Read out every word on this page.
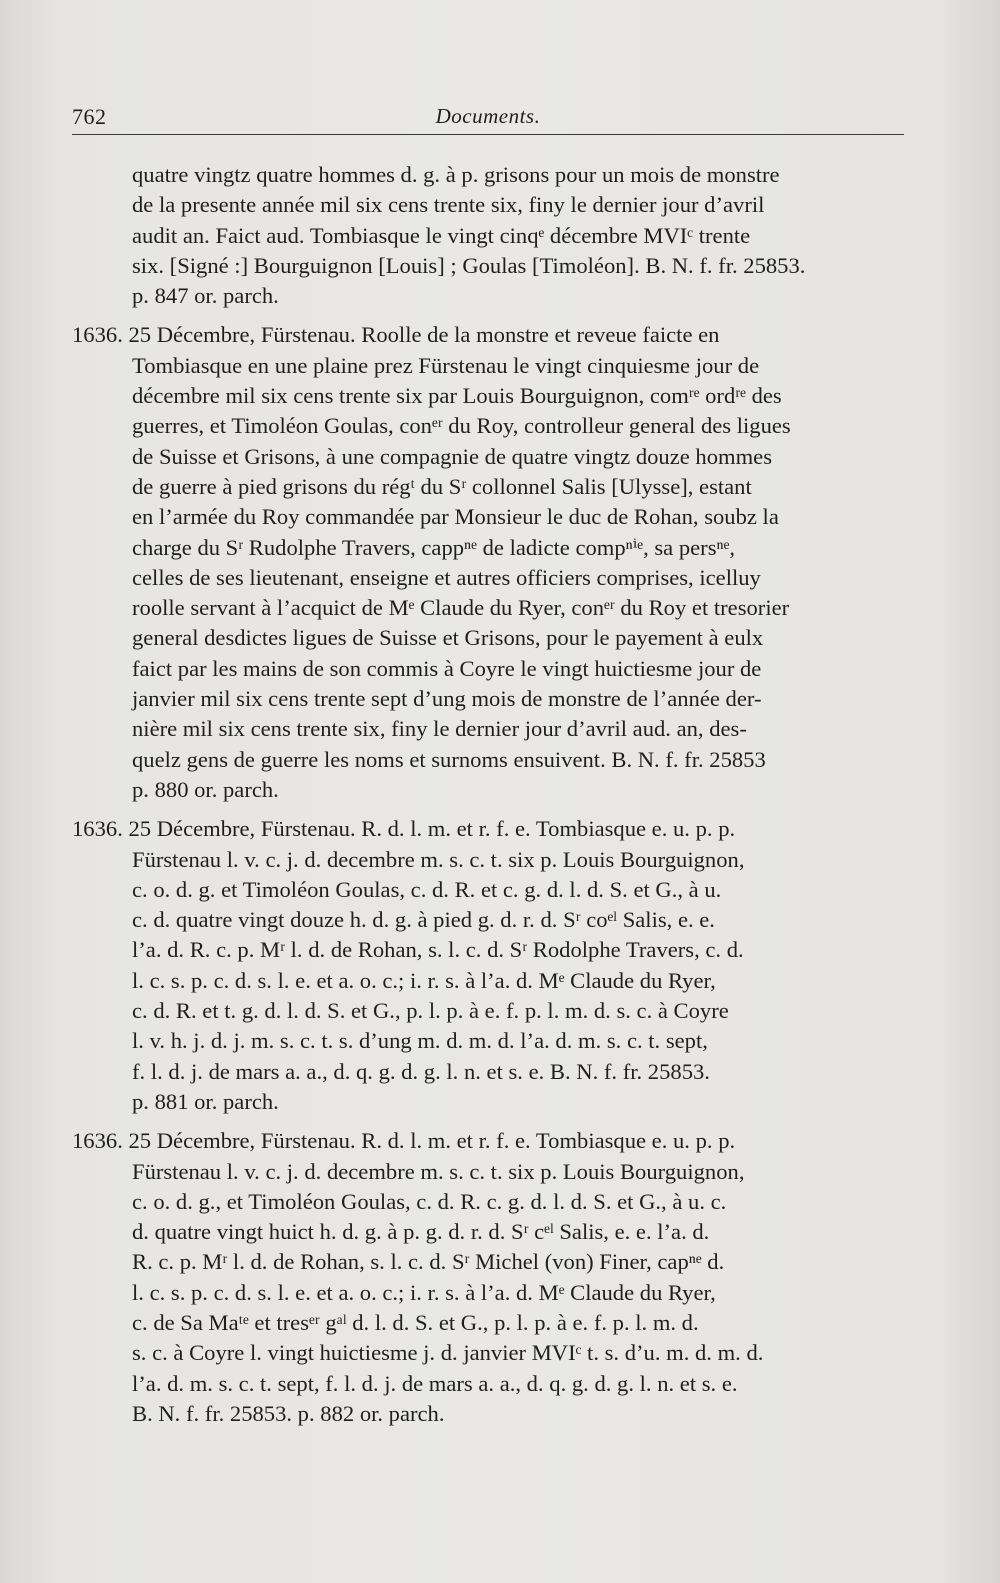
762	Documents.
quatre vingtz quatre hommes d. g. à p. grisons pour un mois de monstre
de la presente année mil six cens trente six, finy le dernier jour d’avril
audit an. Faict aud. Tombiasque le vingt cinqᵉ décembre MVIᶜ trente
six. [Signé :] Bourguignon [Louis] ; Goulas [Timoléon]. B. N. f. fr. 25853.
p. 847 or. parch.
1636. 25 Décembre, Fürstenau. Roolle de la monstre et reveue faicte en
Tombiasque en une plaine prez Fürstenau le vingt cinquiesme jour de
décembre mil six cens trente six par Louis Bourguignon, comʳᵉ ordʳᵉ des
guerres, et Timoléon Goulas, conᵉʳ du Roy, controlleur general des ligues
de Suisse et Grisons, à une compagnie de quatre vingtz douze hommes
de guerre à pied grisons du régᵗ du Sʳ collonnel Salis [Ulysse], estant
en l’armée du Roy commandée par Monsieur le duc de Rohan, soubz la
charge du Sʳ Rudolphe Travers, cappⁿᵉ de ladicte compⁿⁱᵉ, sa persⁿᵉ,
celles de ses lieutenant, enseigne et autres officiers comprises, icelluy
roolle servant à l’acquict de Mᵉ Claude du Ryer, conᵉʳ du Roy et tresorier
general desdictes ligues de Suisse et Grisons, pour le payement à eulx
faict par les mains de son commis à Coyre le vingt huictiesme jour de
janvier mil six cens trente sept d’ung mois de monstre de l’année der-
nière mil six cens trente six, finy le dernier jour d’avril aud. an, des-
quelz gens de guerre les noms et surnoms ensuivent. B. N. f. fr. 25853
p. 880 or. parch.
1636. 25 Décembre, Fürstenau. R. d. l. m. et r. f. e. Tombiasque e. u. p. p.
Fürstenau l. v. c. j. d. decembre m. s. c. t. six p. Louis Bourguignon,
c. o. d. g. et Timoléon Goulas, c. d. R. et c. g. d. l. d. S. et G., à u.
c. d. quatre vingt douze h. d. g. à pied g. d. r. d. Sʳ coᵉˡ Salis, e. e.
l’a. d. R. c. p. Mʳ l. d. de Rohan, s. l. c. d. Sʳ Rodolphe Travers, c. d.
l. c. s. p. c. d. s. l. e. et a. o. c.; i. r. s. à l’a. d. Mᵉ Claude du Ryer,
c. d. R. et t. g. d. l. d. S. et G., p. l. p. à e. f. p. l. m. d. s. c. à Coyre
l. v. h. j. d. j. m. s. c. t. s. d’ung m. d. m. d. l’a. d. m. s. c. t. sept,
f. l. d. j. de mars a. a., d. q. g. d. g. l. n. et s. e. B. N. f. fr. 25853.
p. 881 or. parch.
1636. 25 Décembre, Fürstenau. R. d. l. m. et r. f. e. Tombiasque e. u. p. p.
Fürstenau l. v. c. j. d. decembre m. s. c. t. six p. Louis Bourguignon,
c. o. d. g., et Timoléon Goulas, c. d. R. c. g. d. l. d. S. et G., à u. c.
d. quatre vingt huict h. d. g. à p. g. d. r. d. Sʳ cᵉˡ Salis, e. e. l’a. d.
R. c. p. Mʳ l. d. de Rohan, s. l. c. d. Sʳ Michel (von) Finer, capⁿᵉ d.
l. c. s. p. c. d. s. l. e. et a. o. c.; i. r. s. à l’a. d. Mᵉ Claude du Ryer,
c. de Sa Maᵗᵉ et tresᵉʳ gᵃˡ d. l. d. S. et G., p. l. p. à e. f. p. l. m. d.
s. c. à Coyre l. vingt huictiesme j. d. janvier MVIᶜ t. s. d’u. m. d. m. d.
l’a. d. m. s. c. t. sept, f. l. d. j. de mars a. a., d. q. g. d. g. l. n. et s. e.
B. N. f. fr. 25853. p. 882 or. parch.
